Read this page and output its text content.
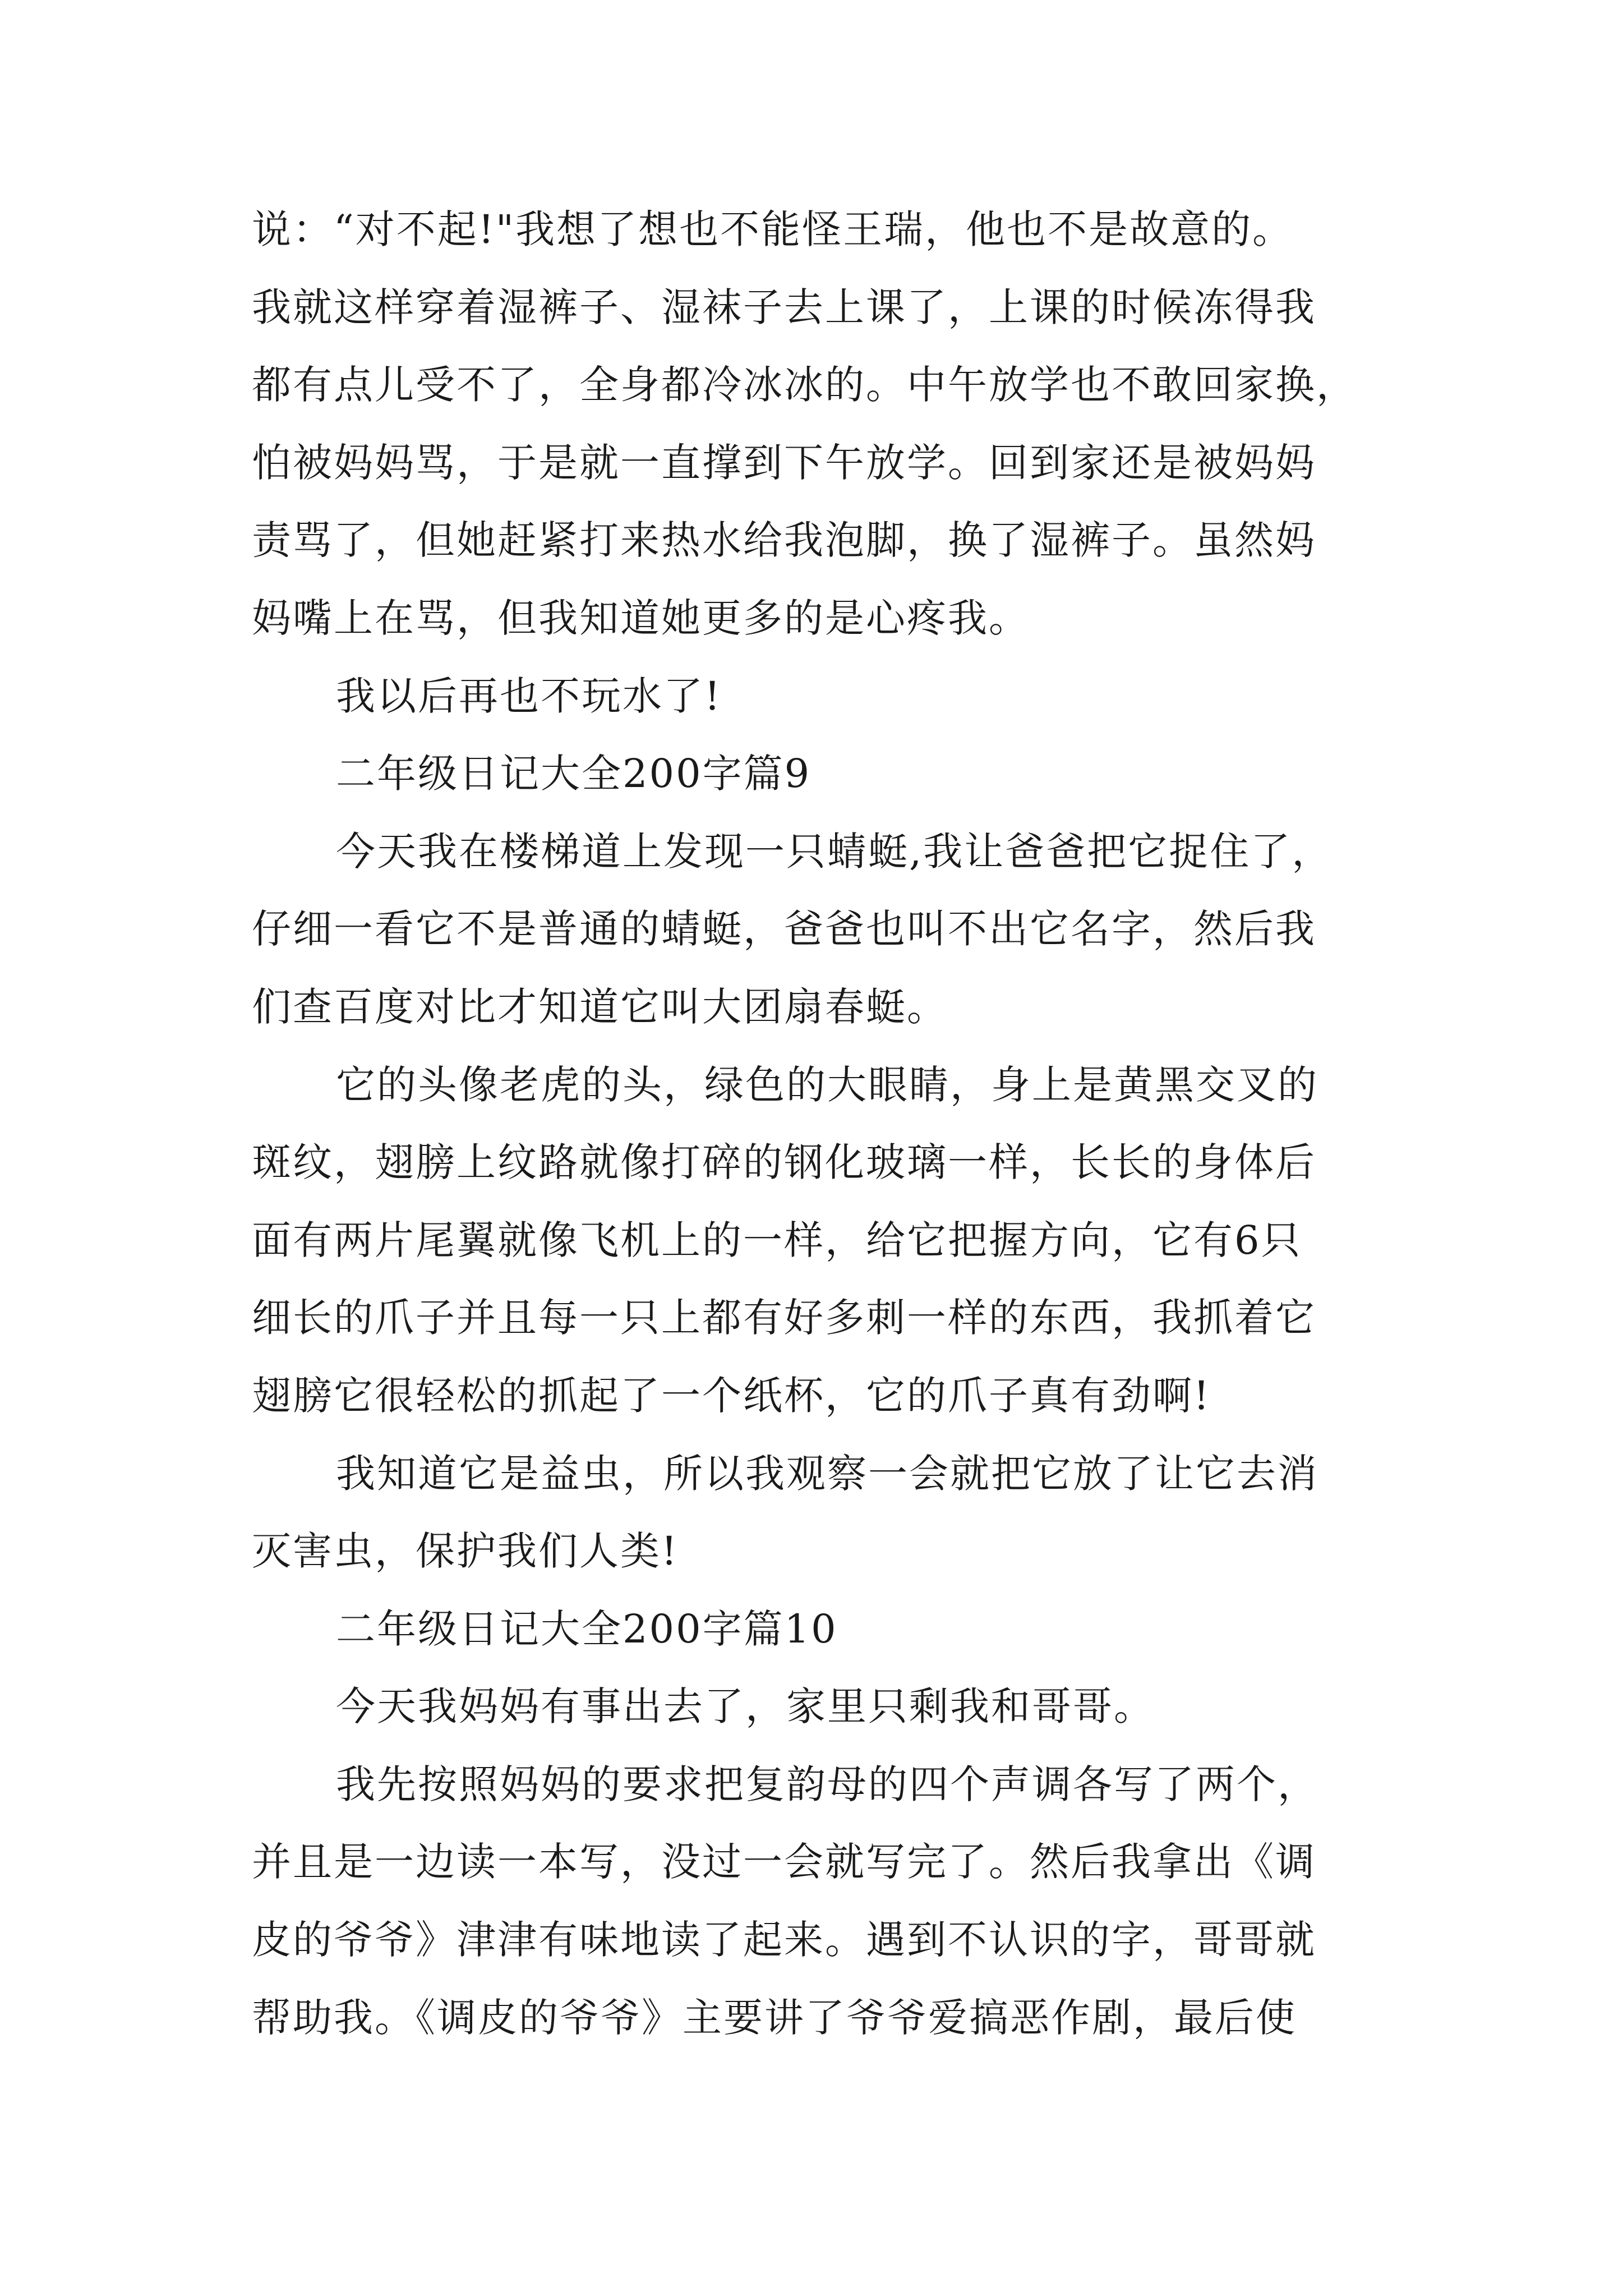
说：“对不起!"我想了想也不能怪王瑞，他也不是故意的。
我就这样穿着湿裤子、湿袜子去上课了，上课的时候冻得我
都有点儿受不了，全身都冷冰冰的。中午放学也不敢回家换，
怕被妈妈骂，于是就一直撑到下午放学。回到家还是被妈妈
责骂了，但她赶紧打来热水给我泡脚，换了湿裤子。虽然妈
妈嘴上在骂，但我知道她更多的是心疼我。
我以后再也不玩水了!
二年级日记大全200字篇9
今天我在楼梯道上发现一只蜻蜓,我让爸爸把它捉住了，
仔细一看它不是普通的蜻蜓，爸爸也叫不出它名字，然后我
们查百度对比才知道它叫大团扇春蜓。
它的头像老虎的头，绿色的大眼睛，身上是黄黑交叉的
斑纹，翅膀上纹路就像打碎的钢化玻璃一样，长长的身体后
面有两片尾翼就像飞机上的一样，给它把握方向，它有6只
细长的爪子并且每一只上都有好多刺一样的东西，我抓着它
翅膀它很轻松的抓起了一个纸杯，它的爪子真有劲啊!
我知道它是益虫，所以我观察一会就把它放了让它去消
灭害虫，保护我们人类!
二年级日记大全200字篇10
今天我妈妈有事出去了，家里只剩我和哥哥。
我先按照妈妈的要求把复韵母的四个声调各写了两个，
并且是一边读一本写，没过一会就写完了。然后我拿出《调
皮的爷爷》津津有味地读了起来。遇到不认识的字，哥哥就
帮助我。《调皮的爷爷》主要讲了爷爷爱搞恶作剧，最后使
